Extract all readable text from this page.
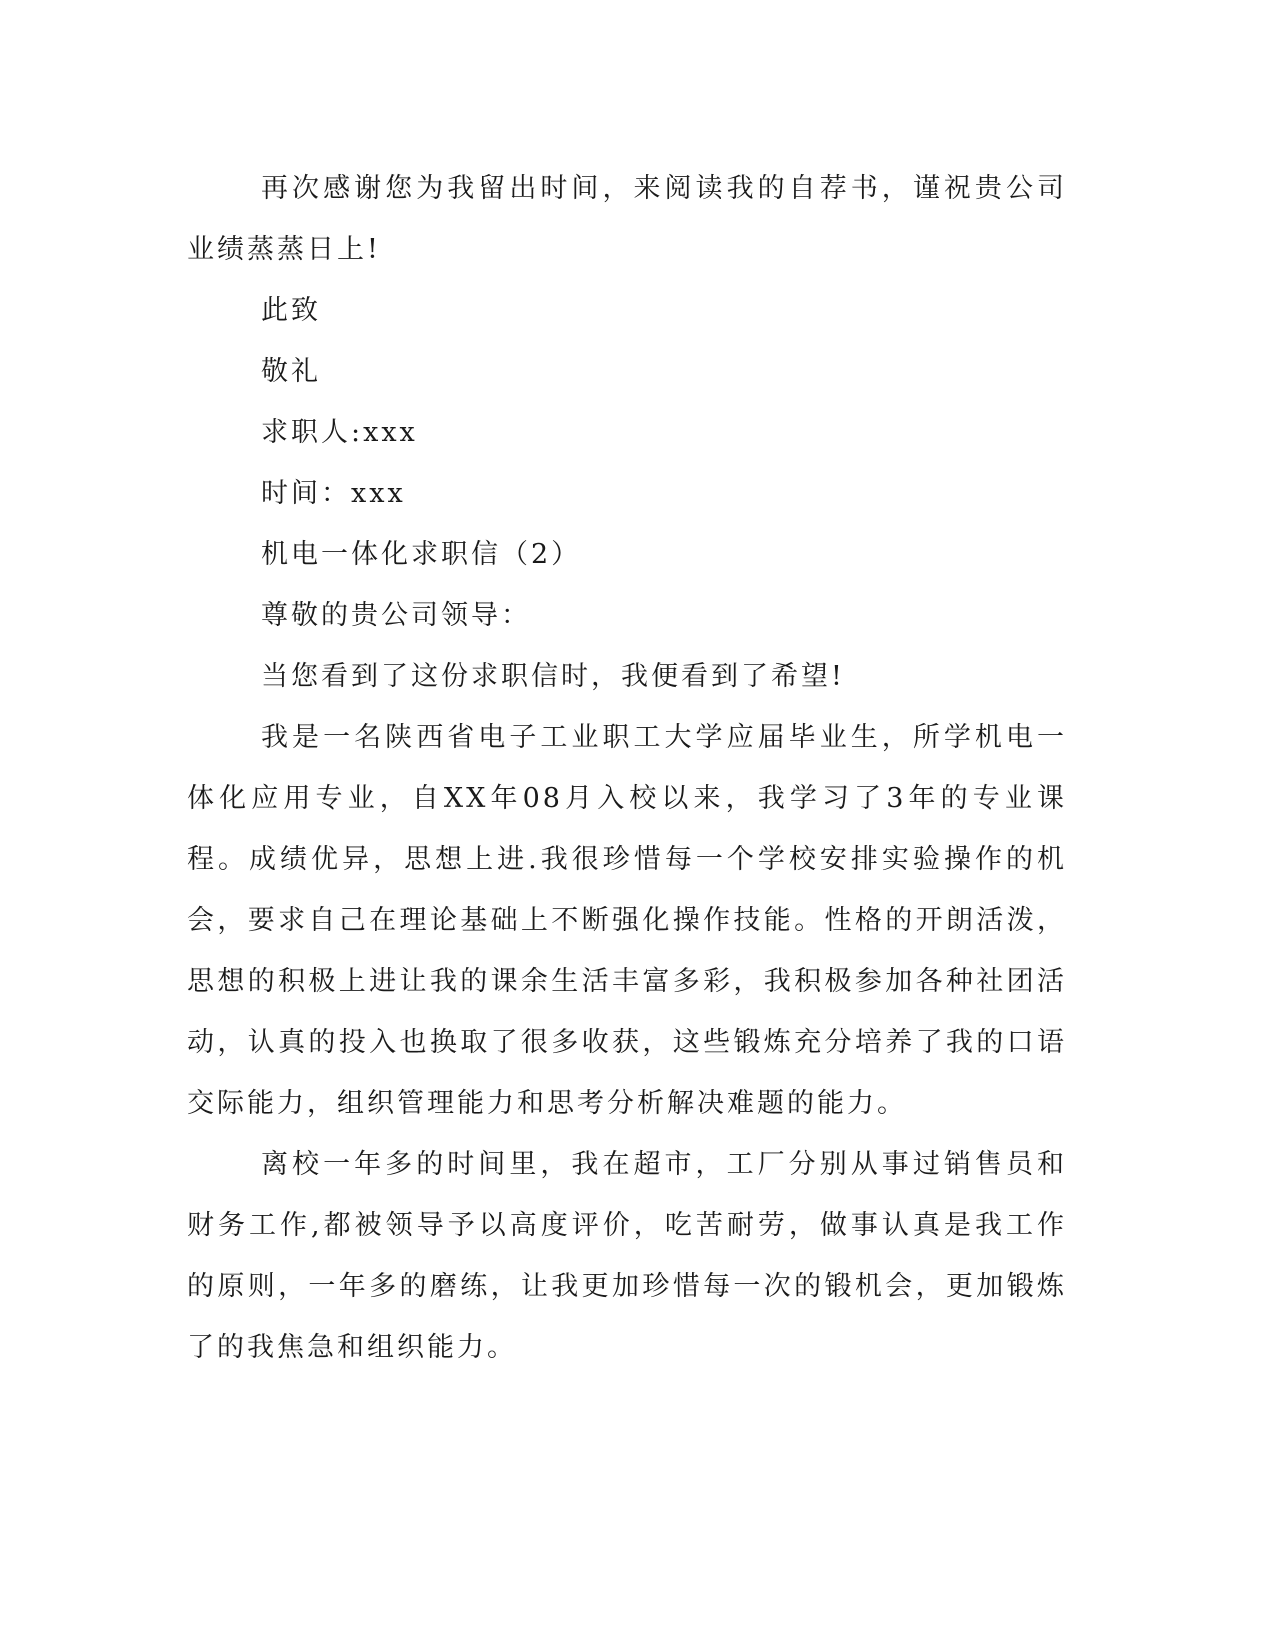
再次感谢您为我留出时间，来阅读我的自荐书，谨祝贵公司业绩蒸蒸日上!

此致

敬礼

求职人:xxx

时间：xxx

机电一体化求职信（2）

尊敬的贵公司领导：

当您看到了这份求职信时，我便看到了希望!

我是一名陕西省电子工业职工大学应届毕业生，所学机电一体化应用专业，自XX年08月入校以来，我学习了3年的专业课程。成绩优异，思想上进.我很珍惜每一个学校安排实验操作的机会，要求自己在理论基础上不断强化操作技能。性格的开朗活泼，思想的积极上进让我的课余生活丰富多彩，我积极参加各种社团活动，认真的投入也换取了很多收获，这些锻炼充分培养了我的口语交际能力，组织管理能力和思考分析解决难题的能力。

离校一年多的时间里，我在超市，工厂分别从事过销售员和财务工作,都被领导予以高度评价，吃苦耐劳，做事认真是我工作的原则，一年多的磨练，让我更加珍惜每一次的锻机会，更加锻炼了的我焦急和组织能力。
